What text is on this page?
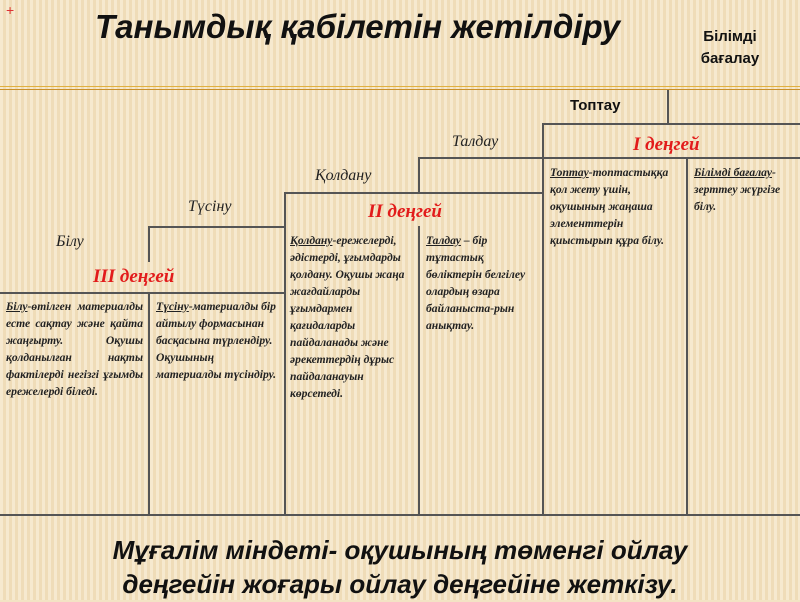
+ Танымдық қабілетін жетілдіру	Білімді
бағалау
Топтау
Талдау	I деңгей
Қолдану
Түсіну	II деңгей
Білу
III деңгей
Білу-өтілген материалды есте сақтау және қайта жаңғырту. Оқушы қолданылған нақты фактілерді негізгі ұғымды ережелерді біледі.
Түсіну-материалды бір айтылу формасынан басқасына түрлендіру. Оқушының материалды түсіндіру.
Қолдану-ережелерді, әдістерді, ұғымдарды қолдану. Оқушы жаңа жағдайларды ұғымдармен қағидаларды пайдаланады және әрекеттердің дұрыс пайдаланауын көрсетеді.
Талдау – бір тұтастық бөліктерін белгілеу олардың өзара байланыста-рын анықтау.
Топтау-топтастыққа қол жету үшін, оқушының жаңаша элементтерін қиыстырып құра білу.
Білімді бағалау-зерттеу жүргізе білу.
Мұғалім міндеті- оқушының төменгі ойлау
деңгейін жоғары ойлау деңгейіне жеткізу.
